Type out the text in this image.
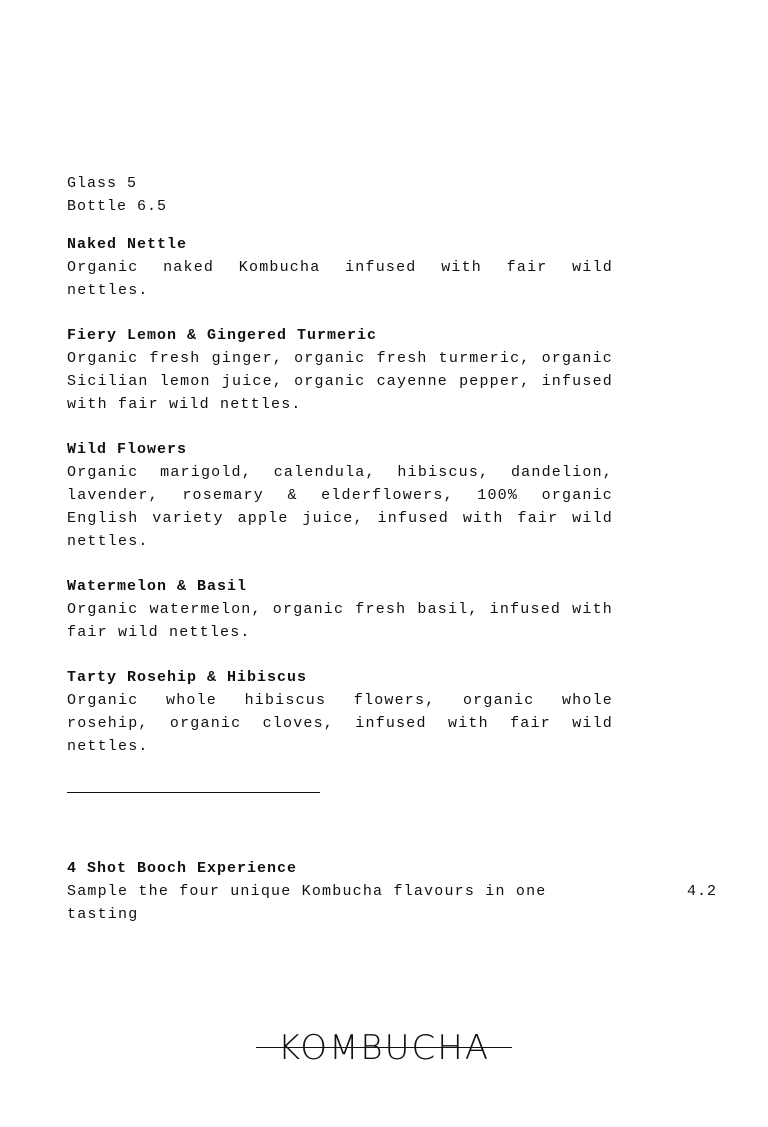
Glass 5
Bottle 6.5
Naked Nettle
Organic naked Kombucha infused with fair wild nettles.
Fiery Lemon & Gingered Turmeric
Organic fresh ginger, organic fresh turmeric, organic Sicilian lemon juice, organic cayenne pepper, infused with fair wild nettles.
Wild Flowers
Organic marigold, calendula, hibiscus, dandelion, lavender, rosemary & elderflowers, 100% organic English variety apple juice, infused with fair wild nettles.
Watermelon & Basil
Organic watermelon, organic fresh basil, infused with fair wild nettles.
Tarty Rosehip & Hibiscus
Organic whole hibiscus flowers, organic whole rosehip, organic cloves, infused with fair wild nettles.
4 Shot Booch Experience
Sample the four unique Kombucha flavours in one tasting
4.2
KOMBUCHA
